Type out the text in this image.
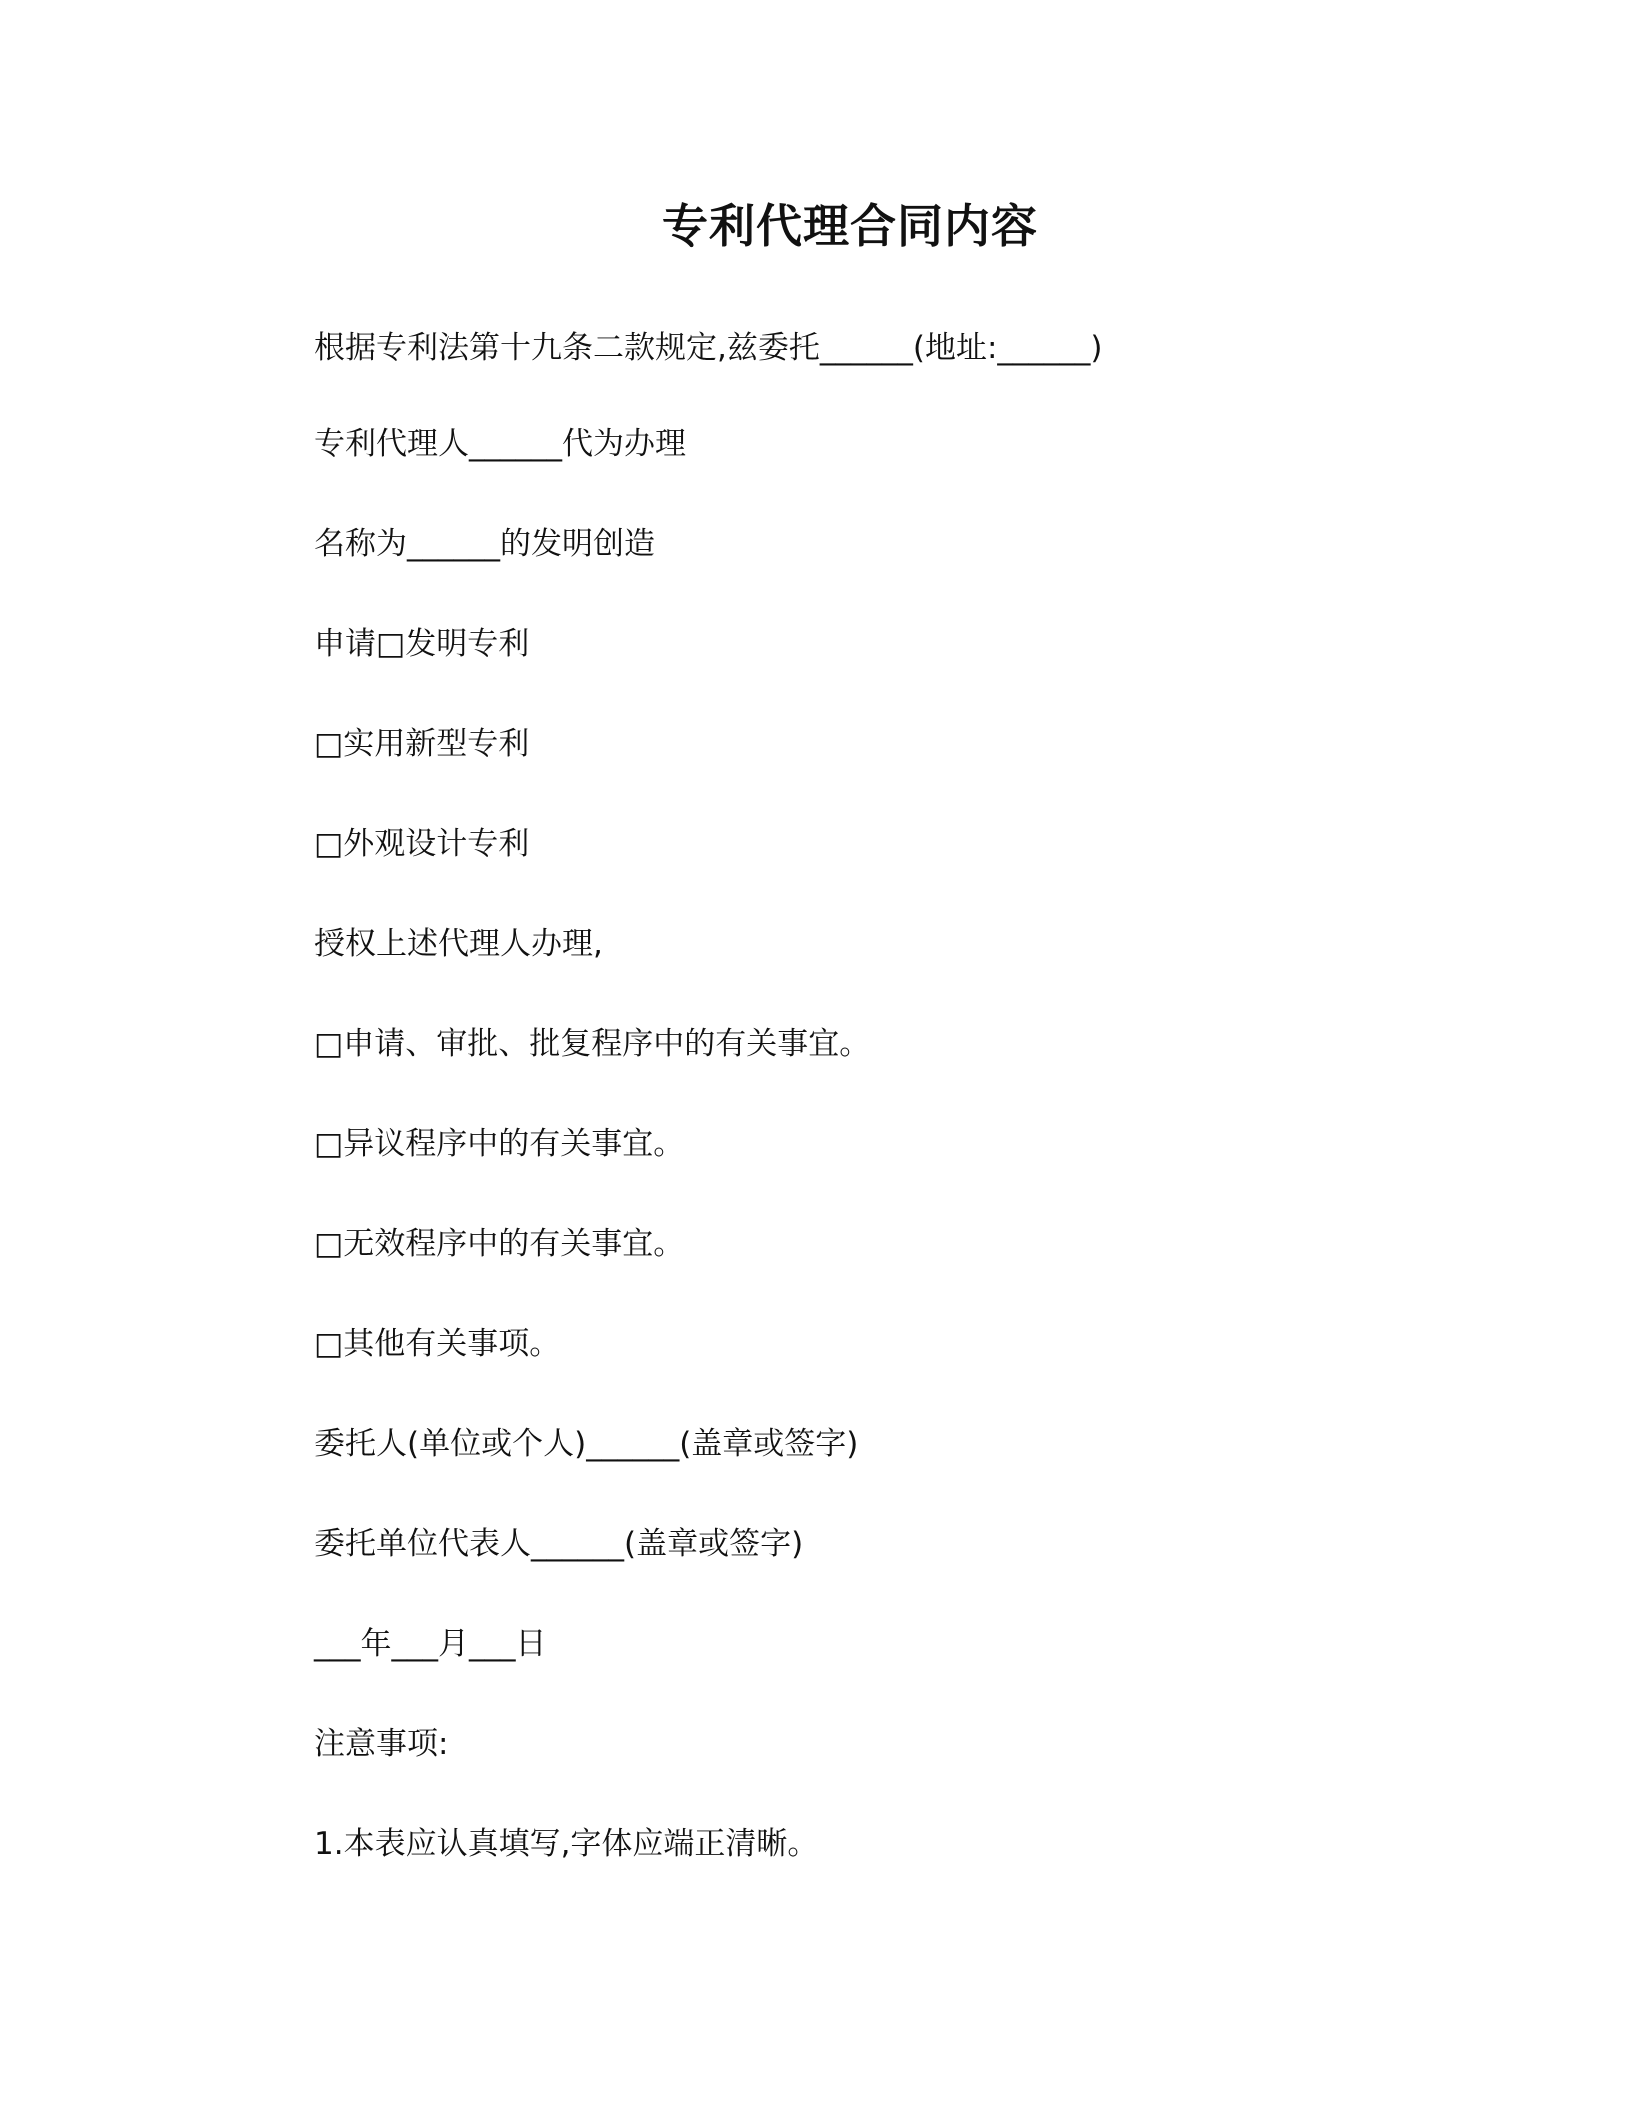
专利代理合同内容

根据专利法第十九条二款规定,兹委托______(地址:______)

专利代理人______代为办理

名称为______的发明创造

申请□发明专利

□实用新型专利

□外观设计专利

授权上述代理人办理,

□申请、审批、批复程序中的有关事宜。

□异议程序中的有关事宜。

□无效程序中的有关事宜。

□其他有关事项。

委托人(单位或个人)______(盖章或签字)

委托单位代表人______(盖章或签字)

___年___月___日

注意事项:

1.本表应认真填写,字体应端正清晰。
